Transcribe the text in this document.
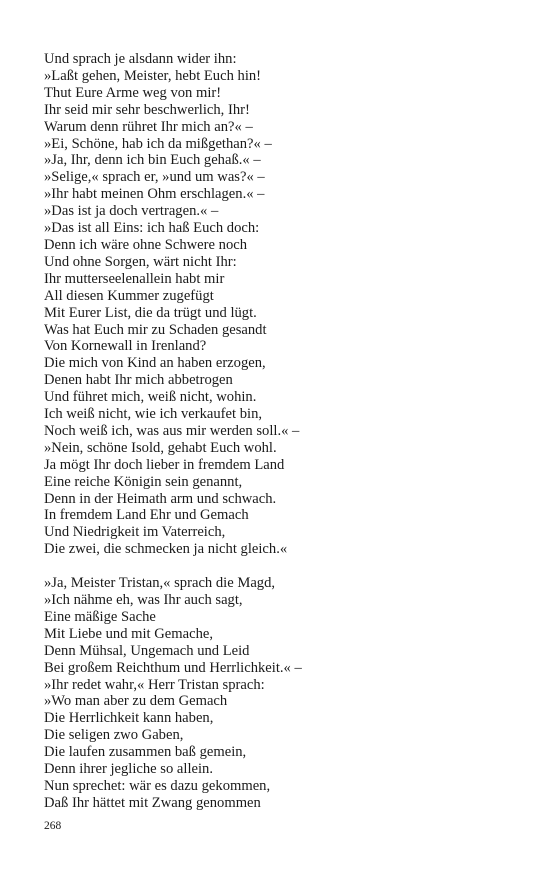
Und sprach je alsdann wider ihn:
»Laßt gehen, Meister, hebt Euch hin!
Thut Eure Arme weg von mir!
Ihr seid mir sehr beschwerlich, Ihr!
Warum denn rühret Ihr mich an?« –
»Ei, Schöne, hab ich da mißgethan?« –
»Ja, Ihr, denn ich bin Euch gehaß.« –
»Selige,« sprach er, »und um was?« –
»Ihr habt meinen Ohm erschlagen.« –
»Das ist ja doch vertragen.« –
»Das ist all Eins: ich haß Euch doch:
Denn ich wäre ohne Schwere noch
Und ohne Sorgen, wärt nicht Ihr:
Ihr mutterseelenallein habt mir
All diesen Kummer zugefügt
Mit Eurer List, die da trügt und lügt.
Was hat Euch mir zu Schaden gesandt
Von Kornewall in Irenland?
Die mich von Kind an haben erzogen,
Denen habt Ihr mich abbetrogen
Und führet mich, weiß nicht, wohin.
Ich weiß nicht, wie ich verkaufet bin,
Noch weiß ich, was aus mir werden soll.« –
»Nein, schöne Isold, gehabt Euch wohl.
Ja mögt Ihr doch lieber in fremdem Land
Eine reiche Königin sein genannt,
Denn in der Heimath arm und schwach.
In fremdem Land Ehr und Gemach
Und Niedrigkeit im Vaterreich,
Die zwei, die schmecken ja nicht gleich.«
»Ja, Meister Tristan,« sprach die Magd,
»Ich nähme eh, was Ihr auch sagt,
Eine mäßige Sache
Mit Liebe und mit Gemache,
Denn Mühsal, Ungemach und Leid
Bei großem Reichthum und Herrlichkeit.« –
»Ihr redet wahr,« Herr Tristan sprach:
»Wo man aber zu dem Gemach
Die Herrlichkeit kann haben,
Die seligen zwo Gaben,
Die laufen zusammen baß gemein,
Denn ihrer jegliche so allein.
Nun sprechet: wär es dazu gekommen,
Daß Ihr hättet mit Zwang genommen
268
